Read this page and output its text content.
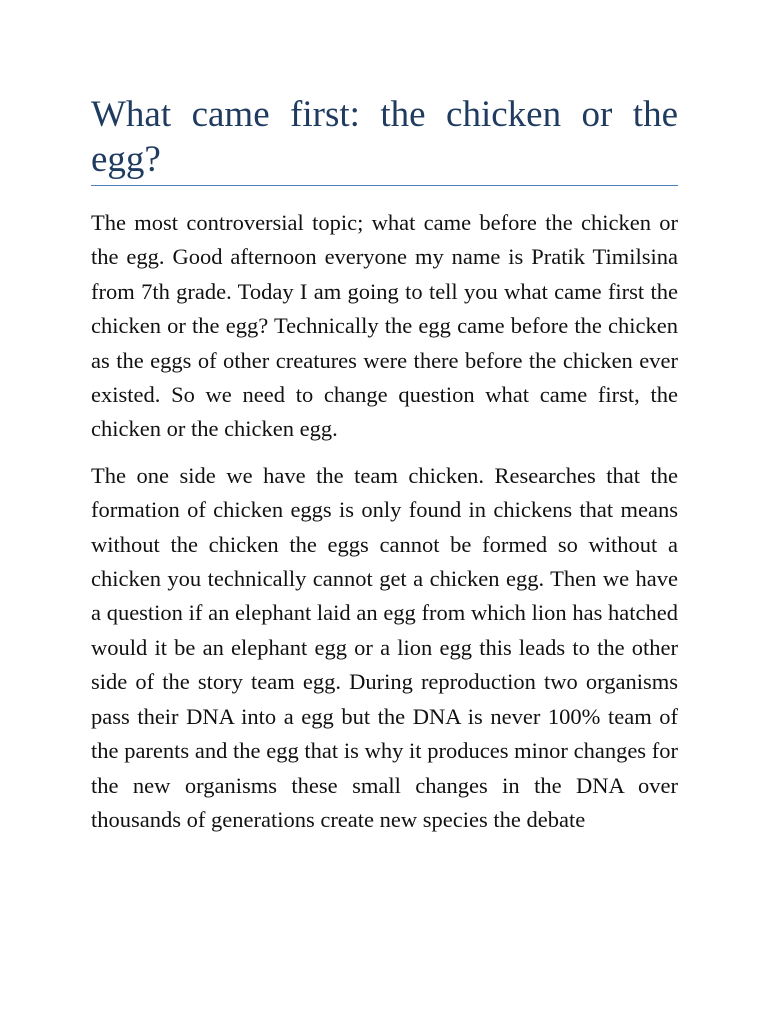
What came first: the chicken or the egg?

The most controversial topic; what came before the chicken or the egg. Good afternoon everyone my name is Pratik Timilsina from 7th grade. Today I am going to tell you what came first the chicken or the egg? Technically the egg came before the chicken as the eggs of other creatures were there before the chicken ever existed. So we need to change question what came first, the chicken or the chicken egg.

The one side we have the team chicken. Researches that the formation of chicken eggs is only found in chickens that means without the chicken the eggs cannot be formed so without a chicken you technically cannot get a chicken egg. Then we have a question if an elephant laid an egg from which lion has hatched would it be an elephant egg or a lion egg this leads to the other side of the story team egg. During reproduction two organisms pass their DNA into a egg but the DNA is never 100% team of the parents and the egg that is why it produces minor changes for the new organisms these small changes in the DNA over thousands of generations create new species the debate
